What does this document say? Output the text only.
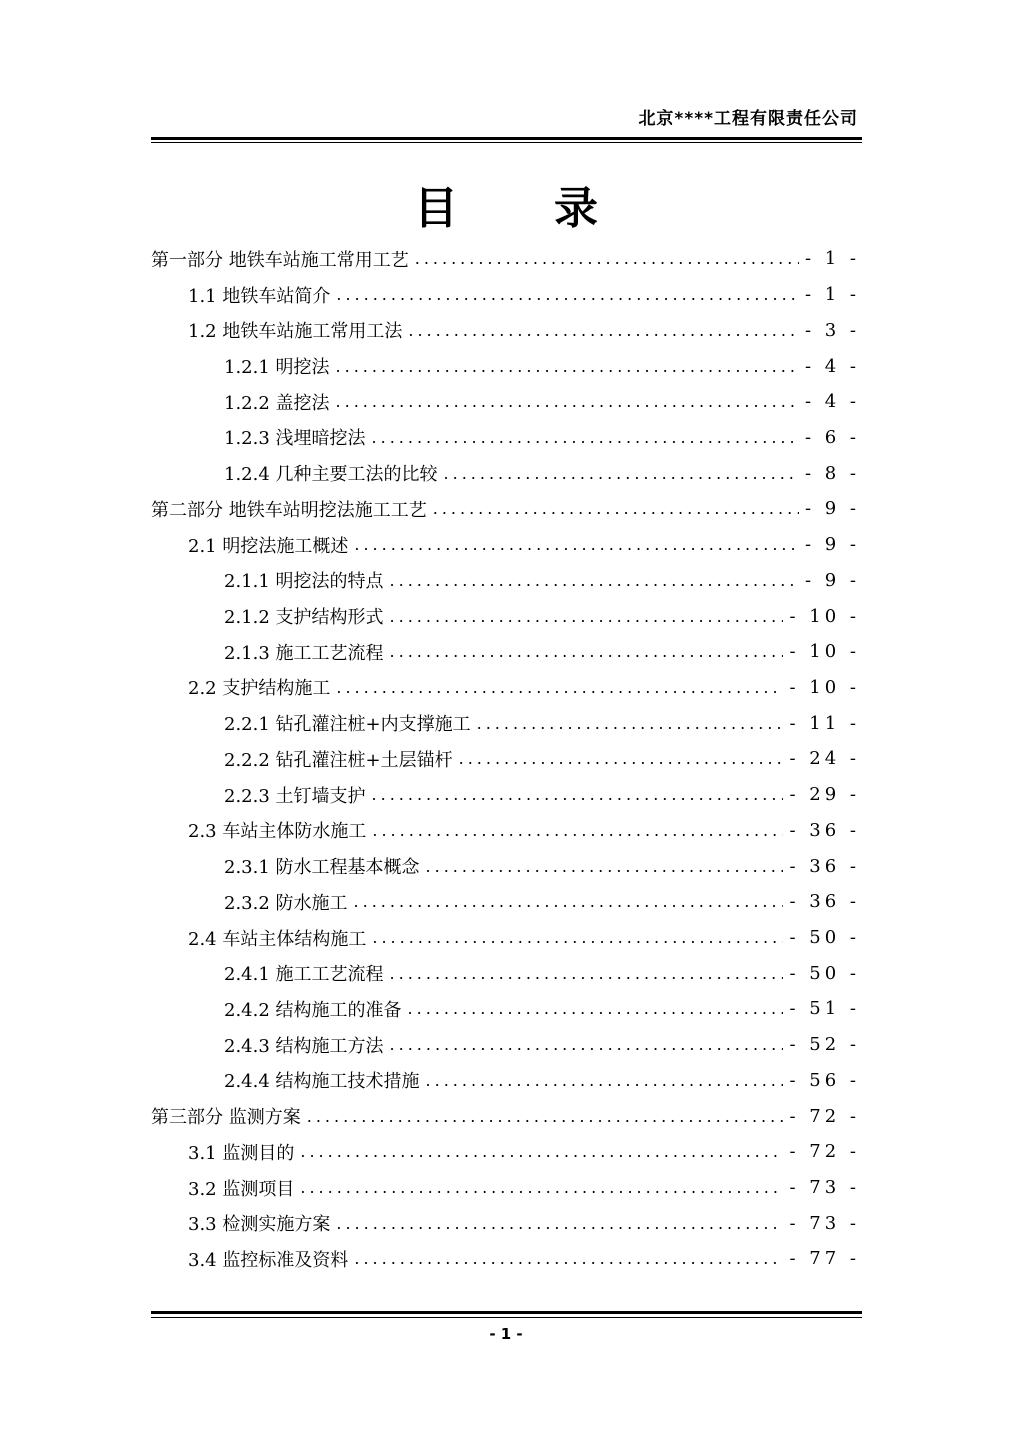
北京****工程有限责任公司
目录
第一部分 地铁车站施工常用工艺 .....	- 1 -
1.1 地铁车站简介 .....	- 1 -
1.2 地铁车站施工常用工法 .....	- 3 -
1.2.1 明挖法 .....	- 4 -
1.2.2 盖挖法 .....	- 4 -
1.2.3 浅埋暗挖法 .....	- 6 -
1.2.4 几种主要工法的比较 .....	- 8 -
第二部分 地铁车站明挖法施工工艺 .....	- 9 -
2.1 明挖法施工概述 .....	- 9 -
2.1.1 明挖法的特点 .....	- 9 -
2.1.2 支护结构形式 .....	- 10 -
2.1.3 施工工艺流程 .....	- 10 -
2.2 支护结构施工 .....	- 10 -
2.2.1 钻孔灌注桩+内支撑施工 .....	- 11 -
2.2.2 钻孔灌注桩+土层锚杆 .....	- 24 -
2.2.3 土钉墙支护 .....	- 29 -
2.3 车站主体防水施工 .....	- 36 -
2.3.1 防水工程基本概念 .....	- 36 -
2.3.2 防水施工 .....	- 36 -
2.4 车站主体结构施工 .....	- 50 -
2.4.1 施工工艺流程 .....	- 50 -
2.4.2 结构施工的准备 .....	- 51 -
2.4.3 结构施工方法 .....	- 52 -
2.4.4 结构施工技术措施 .....	- 56 -
第三部分 监测方案 .....	- 72 -
3.1 监测目的 .....	- 72 -
3.2 监测项目 .....	- 73 -
3.3 检测实施方案 .....	- 73 -
3.4 监控标准及资料 .....	- 77 -
- 1 -
